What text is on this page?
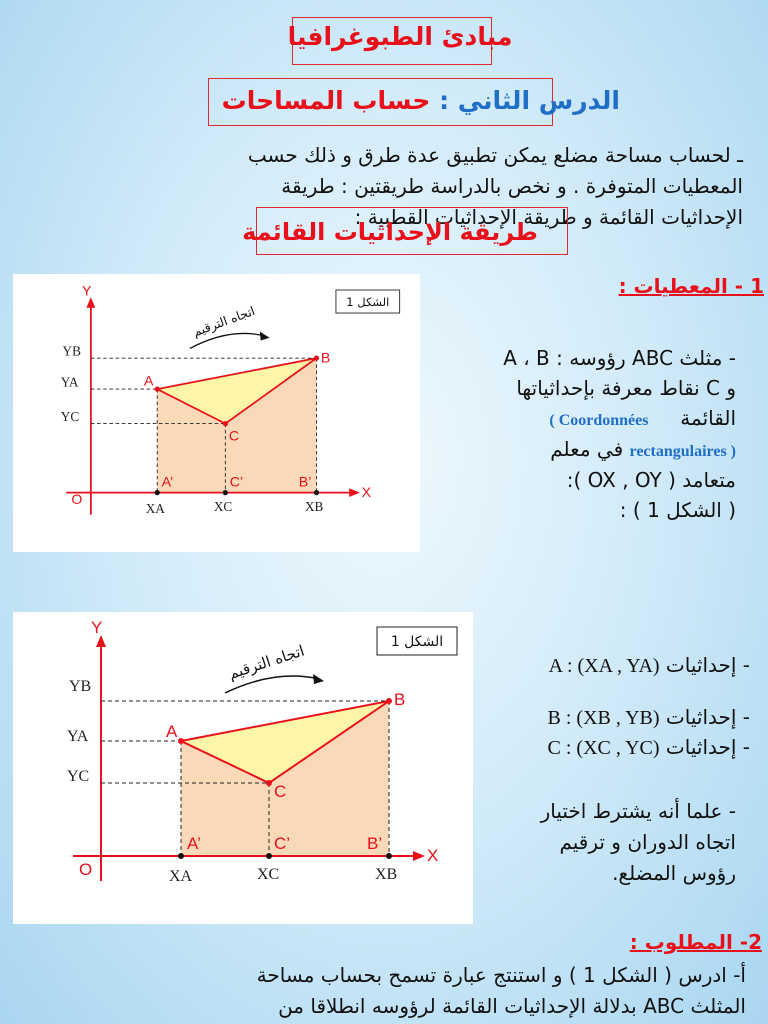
مبادئ الطبوغرافيا
الدرس الثاني : حساب المساحات
ـ لحساب مساحة مضلع يمكن تطبيق عدة طرق و ذلك حسب
المعطيات المتوفرة . و نخص بالدراسة طريقتين : طريقة
الإحداثيات القائمة و طريقة الإحداثيات القطبية :
طريقة الإحداثيات القائمة
1 - المعطيات :
A
B
C
A’	C’	B’
O	X
Y
XA	XC	XB
YB
YA
YC
الشكل 1
اتجاه الترقيم
- مثلث ABC رؤوسه : A ، B
و C نقاط معرفة بإحداثياتها
القائمة     ( Coordonnées
rectangulaires ) في معلم
متعامد ( OX , OY ):
( الشكل 1 ) :
A
B
C
A’	C’	B’
O
X
Y
XA	XC	XB
YB
YA
YC
الشكل 1
اتجاه الترقيم	- إحداثيات A : (XA , YA)
- إحداثيات B : (XB , YB)
- إحداثيات C : (XC , YC)
- علما أنه يشترط اختيار
اتجاه الدوران و ترقيم
رؤوس المضلع.
2- المطلوب :
أ- ادرس ( الشكل 1 ) و استنتج عبارة تسمح بحساب مساحة
المثلث ABC بدلالة الإحداثيات القائمة لرؤوسه انطلاقا من
